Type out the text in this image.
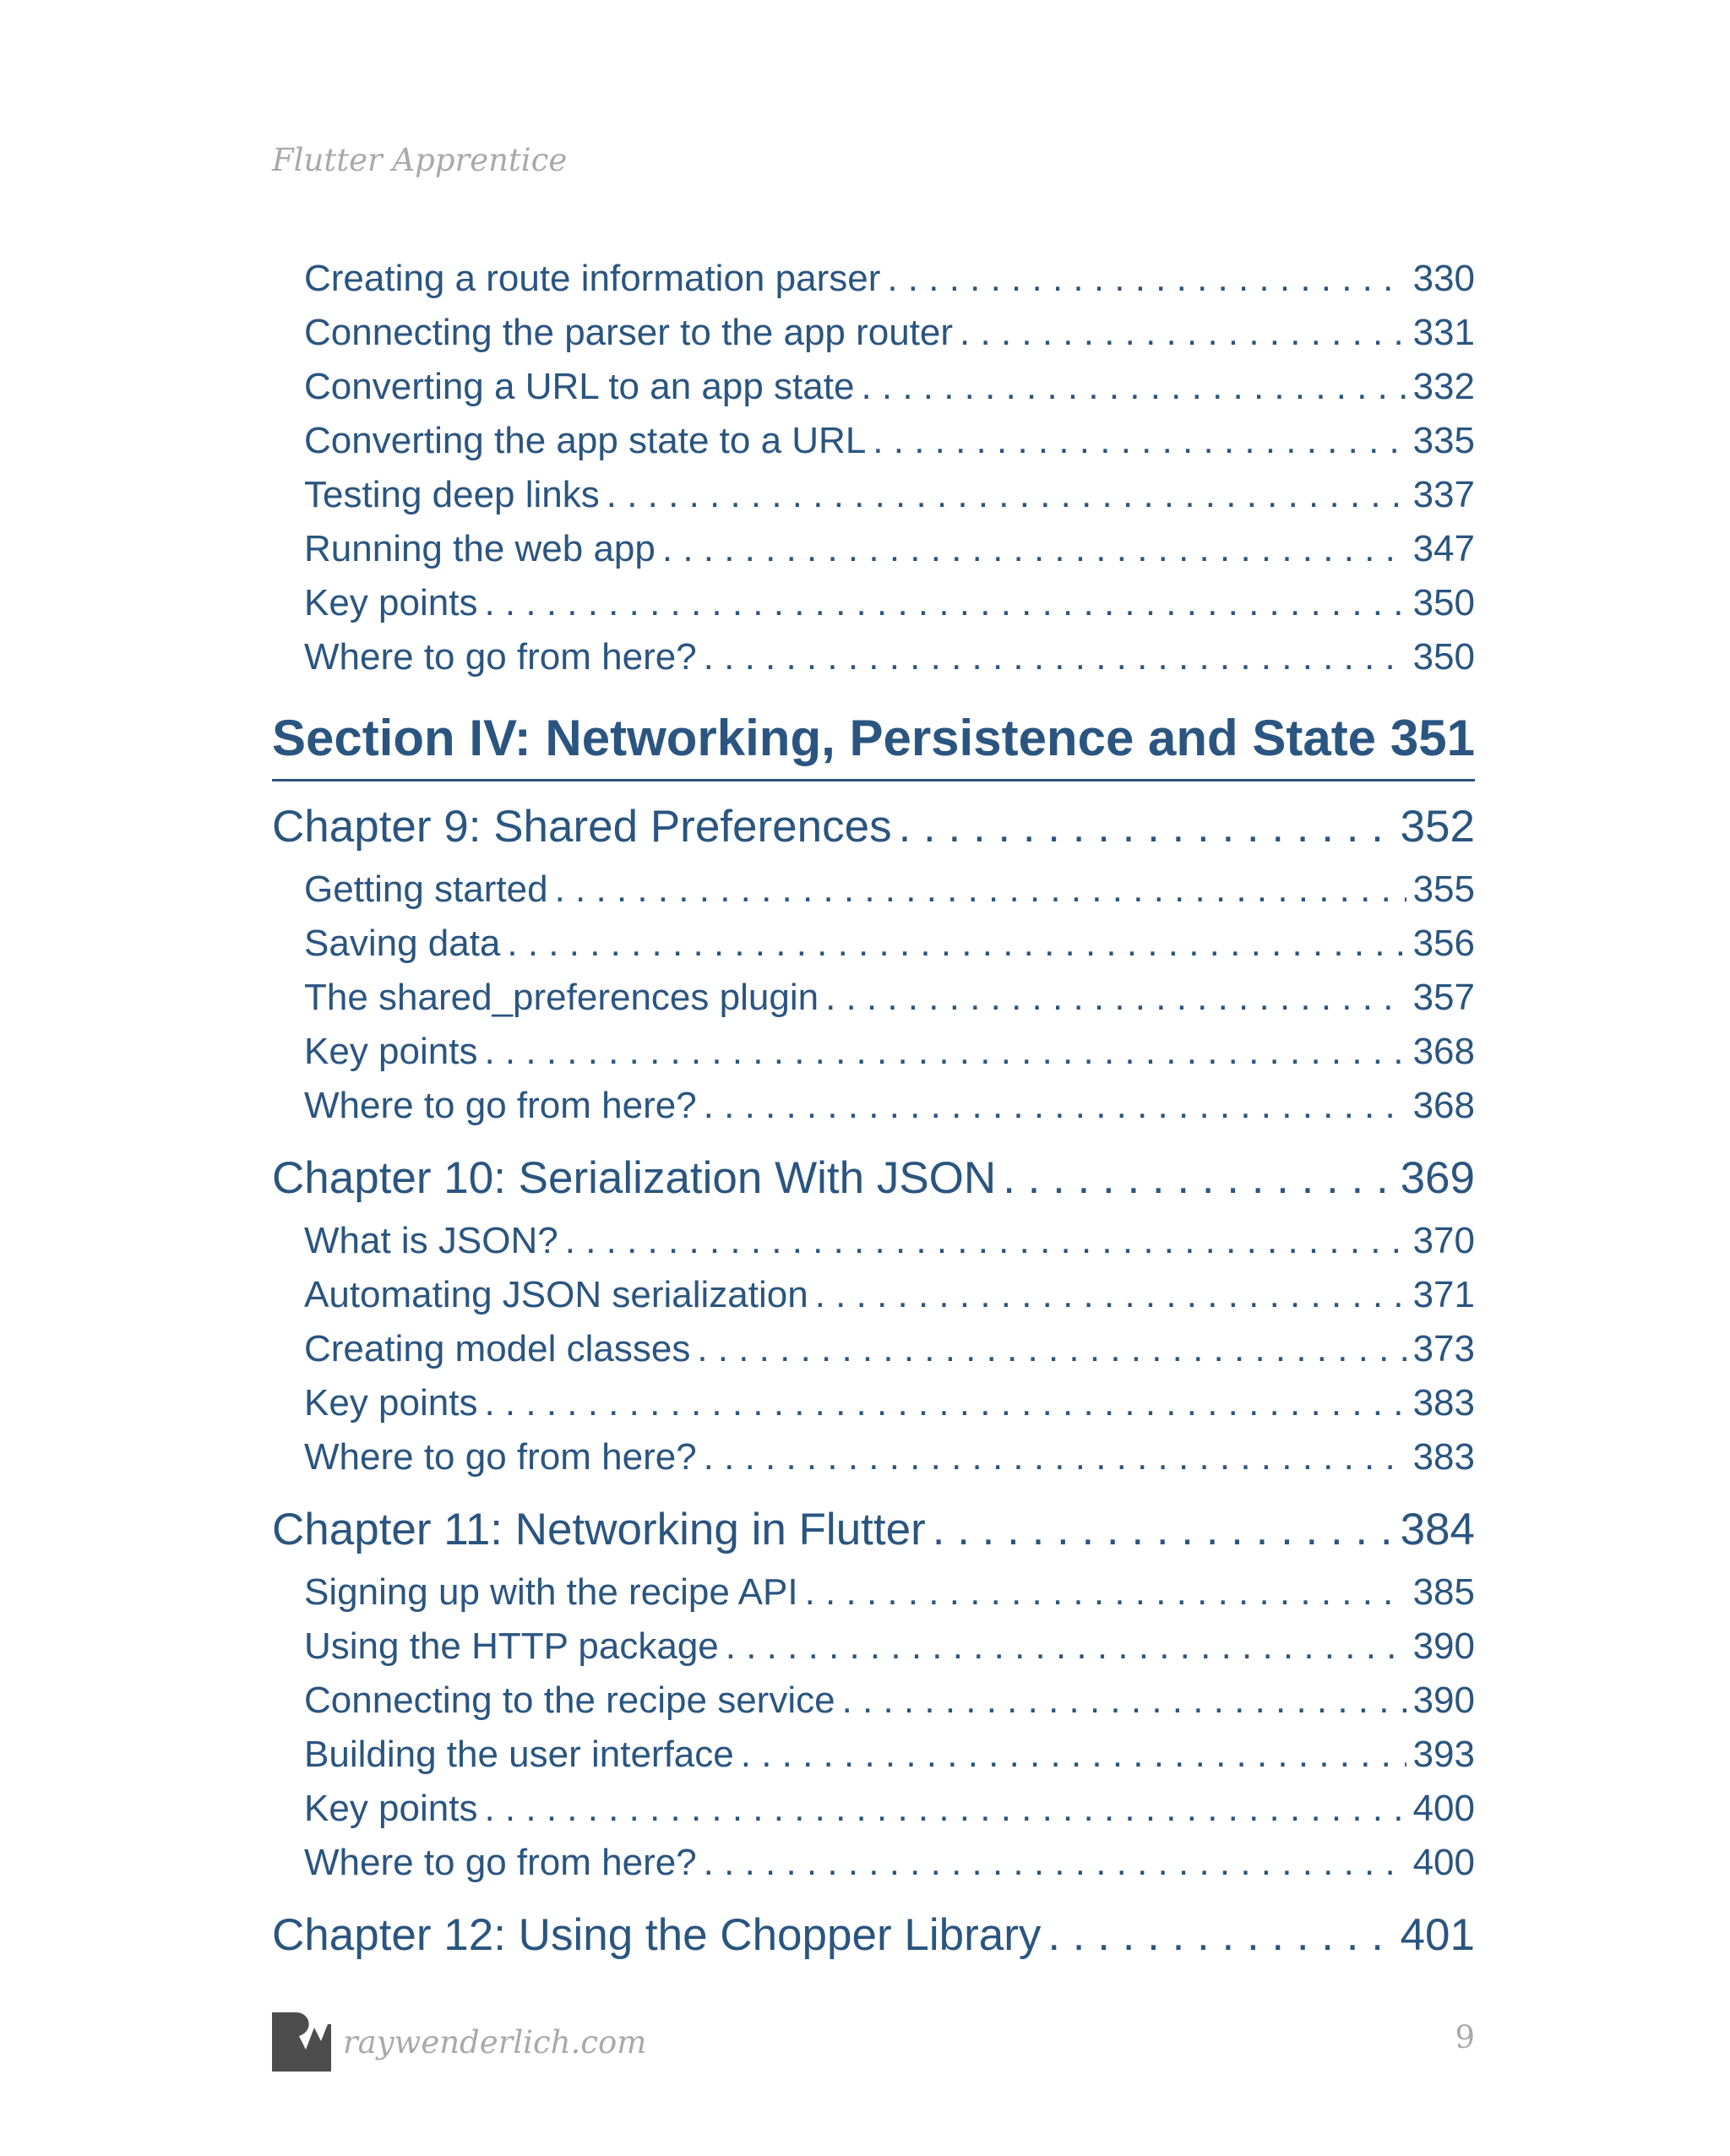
Flutter Apprentice
Creating a route information parser . . .	330
Connecting the parser to the app router . . .	331
Converting a URL to an app state . . .	332
Converting the app state to a URL . . .	335
Testing deep links . . .	337
Running the web app . . .	347
Key points . . .	350
Where to go from here? . . .	350
Section IV: Networking, Persistence and State . . . 351
Chapter 9: Shared Preferences . . .	352
Getting started . . .	355
Saving data . . .	356
The shared_preferences plugin . . .	357
Key points . . .	368
Where to go from here? . . .	368
Chapter 10: Serialization With JSON . . .	369
What is JSON? . . .	370
Automating JSON serialization . . .	371
Creating model classes . . .	373
Key points . . .	383
Where to go from here? . . .	383
Chapter 11: Networking in Flutter . . .	384
Signing up with the recipe API . . .	385
Using the HTTP package . . .	390
Connecting to the recipe service . . .	390
Building the user interface . . .	393
Key points . . .	400
Where to go from here? . . .	400
Chapter 12: Using the Chopper Library . . .	401
raywenderlich.com	9
